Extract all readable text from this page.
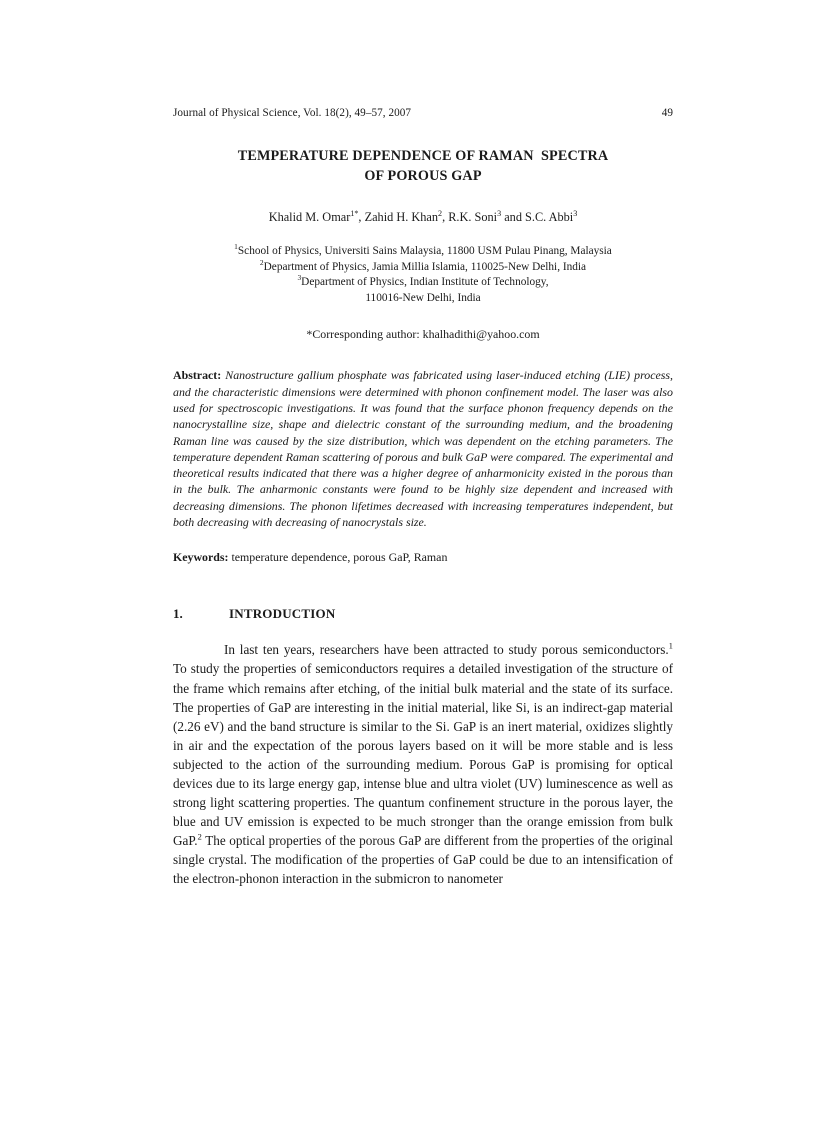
Journal of Physical Science, Vol. 18(2), 49–57, 2007	49
TEMPERATURE DEPENDENCE OF RAMAN  SPECTRA
OF POROUS GAP
Khalid M. Omar$^{1*}$, Zahid H. Khan$^2$, R.K. Soni$^3$ and S.C. Abbi$^3$
$^1$School of Physics, Universiti Sains Malaysia, 11800 USM Pulau Pinang, Malaysia
$^2$Department of Physics, Jamia Millia Islamia, 110025-New Delhi, India
$^3$Department of Physics, Indian Institute of Technology,
110016-New Delhi, India
*Corresponding author: khalhadithi@yahoo.com
Abstract: Nanostructure gallium phosphate was fabricated using laser-induced etching (LIE) process, and the characteristic dimensions were determined with phonon confinement model. The laser was also used for spectroscopic investigations. It was found that the surface phonon frequency depends on the nanocrystalline size, shape and dielectric constant of the surrounding medium, and the broadening Raman line was caused by the size distribution, which was dependent on the etching parameters. The temperature dependent Raman scattering of porous and bulk GaP were compared. The experimental and theoretical results indicated that there was a higher degree of anharmonicity existed in the porous than in the bulk. The anharmonic constants were found to be highly size dependent and increased with decreasing dimensions. The phonon lifetimes decreased with increasing temperatures independent, but both decreasing with decreasing of nanocrystals size.
Keywords: temperature dependence, porous GaP, Raman
1.	INTRODUCTION
In last ten years, researchers have been attracted to study porous semiconductors.$^1$ To study the properties of semiconductors requires a detailed investigation of the structure of the frame which remains after etching, of the initial bulk material and the state of its surface. The properties of GaP are interesting in the initial material, like Si, is an indirect-gap material (2.26 eV) and the band structure is similar to the Si. GaP is an inert material, oxidizes slightly in air and the expectation of the porous layers based on it will be more stable and is less subjected to the action of the surrounding medium. Porous GaP is promising for optical devices due to its large energy gap, intense blue and ultra violet (UV) luminescence as well as strong light scattering properties. The quantum confinement structure in the porous layer, the blue and UV emission is expected to be much stronger than the orange emission from bulk GaP.$^2$ The optical properties of the porous GaP are different from the properties of the original single crystal. The modification of the properties of GaP could be due to an intensification of the electron-phonon interaction in the submicron to nanometer
